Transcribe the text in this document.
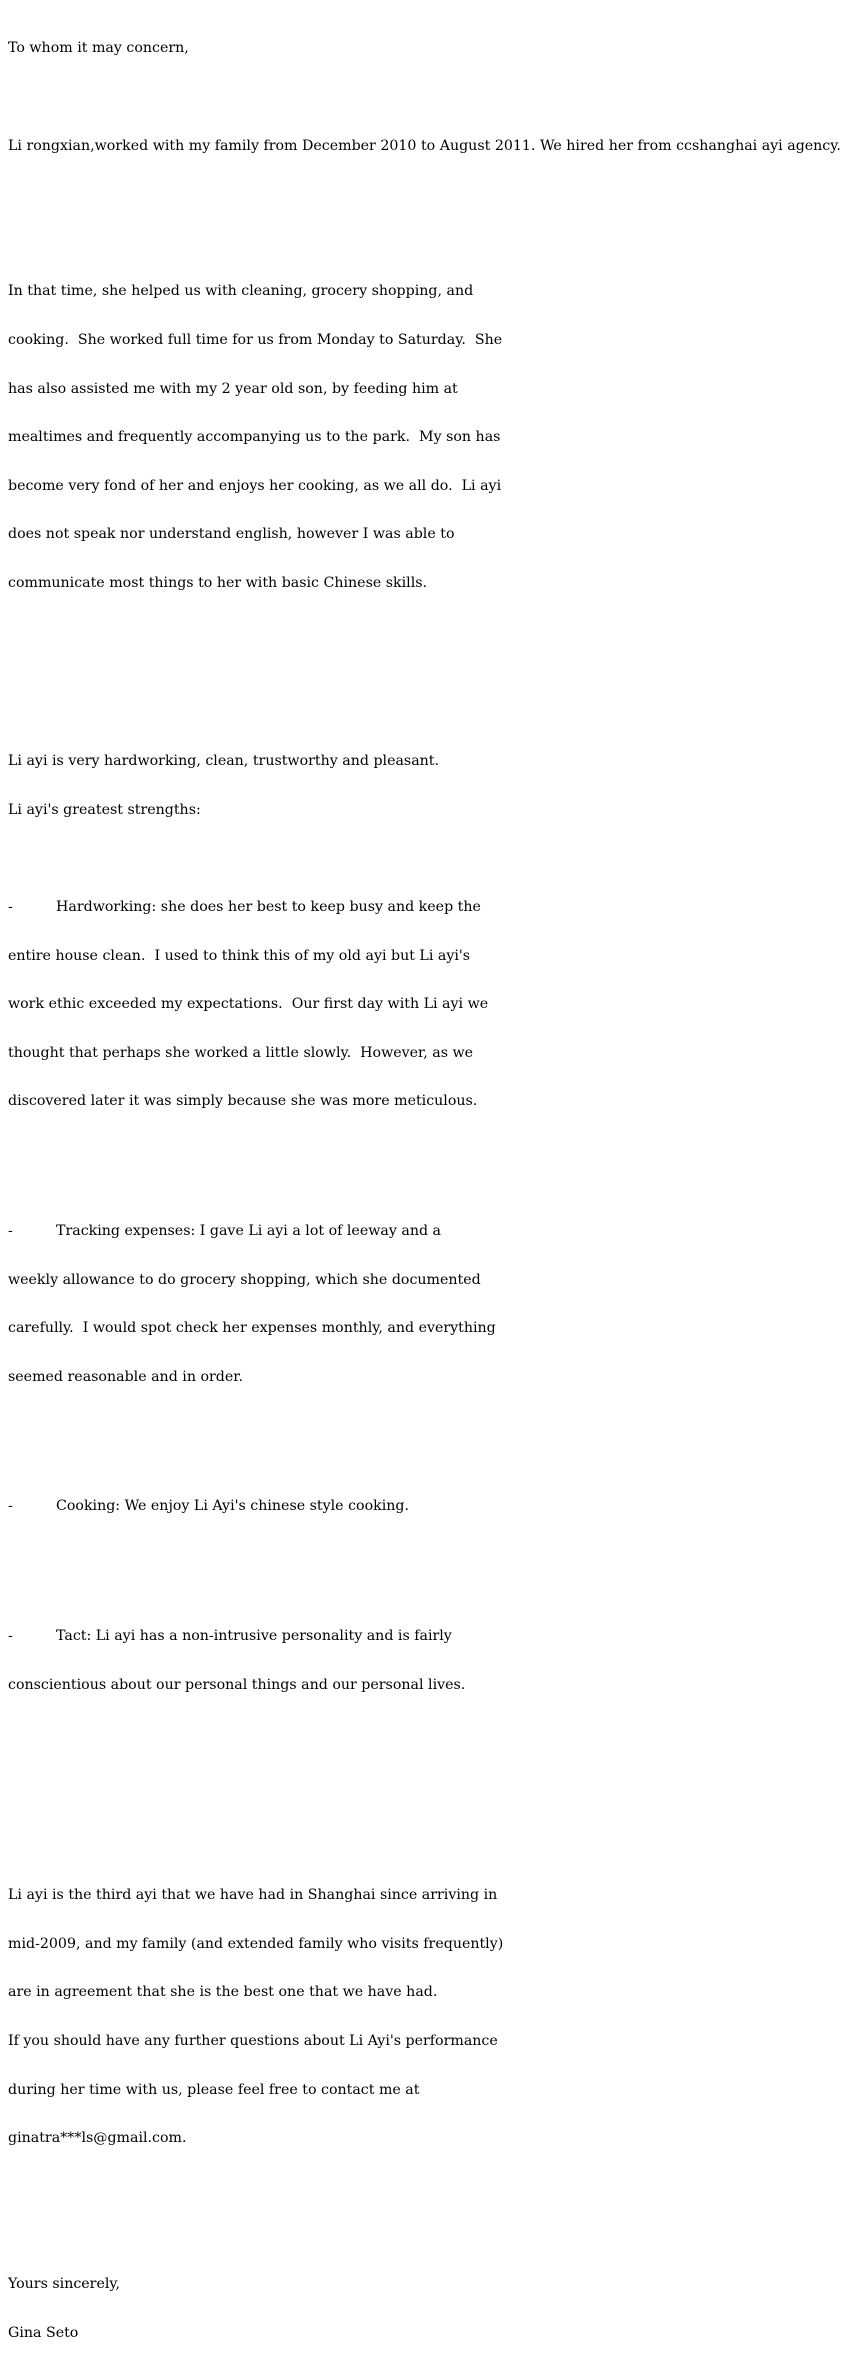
To whom it may concern,

Li rongxian,worked with my family from December 2010 to August 2011. We hired her from ccshanghai ayi agency.

In that time, she helped us with cleaning, grocery shopping, and

cooking.  She worked full time for us from Monday to Saturday.  She

has also assisted me with my 2 year old son, by feeding him at

mealtimes and frequently accompanying us to the park.  My son has

become very fond of her and enjoys her cooking, as we all do.  Li ayi

does not speak nor understand english, however I was able to

communicate most things to her with basic Chinese skills.

Li ayi is very hardworking, clean, trustworthy and pleasant.

Li ayi's greatest strengths:

-	Hardworking: she does her best to keep busy and keep the

entire house clean.  I used to think this of my old ayi but Li ayi's

work ethic exceeded my expectations.  Our first day with Li ayi we

thought that perhaps she worked a little slowly.  However, as we

discovered later it was simply because she was more meticulous.

-	Tracking expenses: I gave Li ayi a lot of leeway and a

weekly allowance to do grocery shopping, which she documented

carefully.  I would spot check her expenses monthly, and everything

seemed reasonable and in order.

-	Cooking: We enjoy Li Ayi's chinese style cooking.

-	Tact: Li ayi has a non-intrusive personality and is fairly

conscientious about our personal things and our personal lives.

Li ayi is the third ayi that we have had in Shanghai since arriving in

mid-2009, and my family (and extended family who visits frequently)

are in agreement that she is the best one that we have had.

If you should have any further questions about Li Ayi's performance

during her time with us, please feel free to contact me at

ginatra***ls@gmail.com.

Yours sincerely,

Gina Seto
